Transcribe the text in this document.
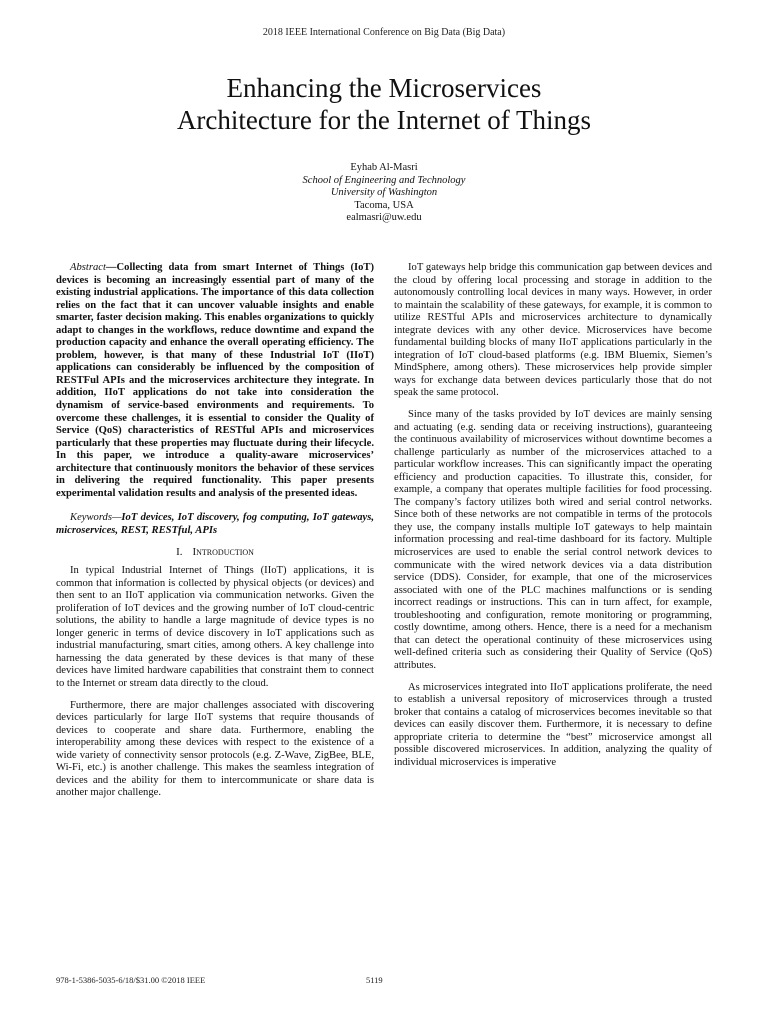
2018 IEEE International Conference on Big Data (Big Data)
Enhancing the Microservices
Architecture for the Internet of Things
Eyhab Al-Masri
School of Engineering and Technology
University of Washington
Tacoma, USA
ealmasri@uw.edu

Abstract—Collecting data from smart Internet of Things (IoT) devices is becoming an increasingly essential part of many of the existing industrial applications. The importance of this data collection relies on the fact that it can uncover valuable insights and enable smarter, faster decision making. This enables organizations to quickly adapt to changes in the workflows, reduce downtime and expand the production capacity and enhance the overall operating efficiency. The problem, however, is that many of these Industrial IoT (IIoT) applications can considerably be influenced by the composition of RESTFul APIs and the microservices architecture they integrate. In addition, IIoT applications do not take into consideration the dynamism of service-based environments and requirements. To overcome these challenges, it is essential to consider the Quality of Service (QoS) characteristics of RESTful APIs and microservices particularly that these properties may fluctuate during their lifecycle. In this paper, we introduce a quality-aware microservices’ architecture that continuously monitors the behavior of these services in delivering the required functionality. This paper presents experimental validation results and analysis of the presented ideas.

Keywords—IoT devices, IoT discovery, fog computing, IoT gateways, microservices, REST, RESTful, APIs

I. Introduction

In typical Industrial Internet of Things (IIoT) applications, it is common that information is collected by physical objects (or devices) and then sent to an IIoT application via communication networks. Given the proliferation of IoT devices and the growing number of IoT cloud-centric solutions, the ability to handle a large magnitude of device types is no longer generic in terms of device discovery in IoT applications such as industrial manufacturing, smart cities, among others. A key challenge into harnessing the data generated by these devices is that many of these devices have limited hardware capabilities that constraint them to connect to the Internet or stream data directly to the cloud.

Furthermore, there are major challenges associated with discovering devices particularly for large IIoT systems that require thousands of devices to cooperate and share data. Furthermore, enabling the interoperability among these devices with respect to the existence of a wide variety of connectivity sensor protocols (e.g. Z-Wave, ZigBee, BLE, Wi-Fi, etc.) is another challenge. This makes the seamless integration of devices and the ability for them to intercommunicate or share data is another major challenge.

IoT gateways help bridge this communication gap between devices and the cloud by offering local processing and storage in addition to the autonomously controlling local devices in many ways. However, in order to maintain the scalability of these gateways, for example, it is common to utilize RESTful APIs and microservices architecture to dynamically integrate devices with any other device. Microservices have become fundamental building blocks of many IIoT applications particularly in the integration of IoT cloud-based platforms (e.g. IBM Bluemix, Siemen’s MindSphere, among others). These microservices help provide simpler ways for exchange data between devices particularly those that do not speak the same protocol.

Since many of the tasks provided by IoT devices are mainly sensing and actuating (e.g. sending data or receiving instructions), guaranteeing the continuous availability of microservices without downtime becomes a challenge particularly as number of the microservices attached to a particular workflow increases. This can significantly impact the operating efficiency and production capacities. To illustrate this, consider, for example, a company that operates multiple facilities for food processing. The company’s factory utilizes both wired and serial control networks. Since both of these networks are not compatible in terms of the protocols they use, the company installs multiple IoT gateways to help maintain information processing and real-time dashboard for its factory. Multiple microservices are used to enable the serial control network devices to communicate with the wired network devices via a data distribution service (DDS). Consider, for example, that one of the microservices associated with one of the PLC machines malfunctions or is sending incorrect readings or instructions. This can in turn affect, for example, troubleshooting and configuration, remote monitoring or programming, costly downtime, among others. Hence, there is a need for a mechanism that can detect the operational continuity of these microservices using well-defined criteria such as considering their Quality of Service (QoS) attributes.

As microservices integrated into IIoT applications proliferate, the need to establish a universal repository of microservices through a trusted broker that contains a catalog of microservices becomes inevitable so that devices can easily discover them. Furthermore, it is necessary to define appropriate criteria to determine the “best” microservice amongst all possible discovered microservices. In addition, analyzing the quality of individual microservices is imperative

978-1-5386-5035-6/18/$31.00 ©2018 IEEE	5119
